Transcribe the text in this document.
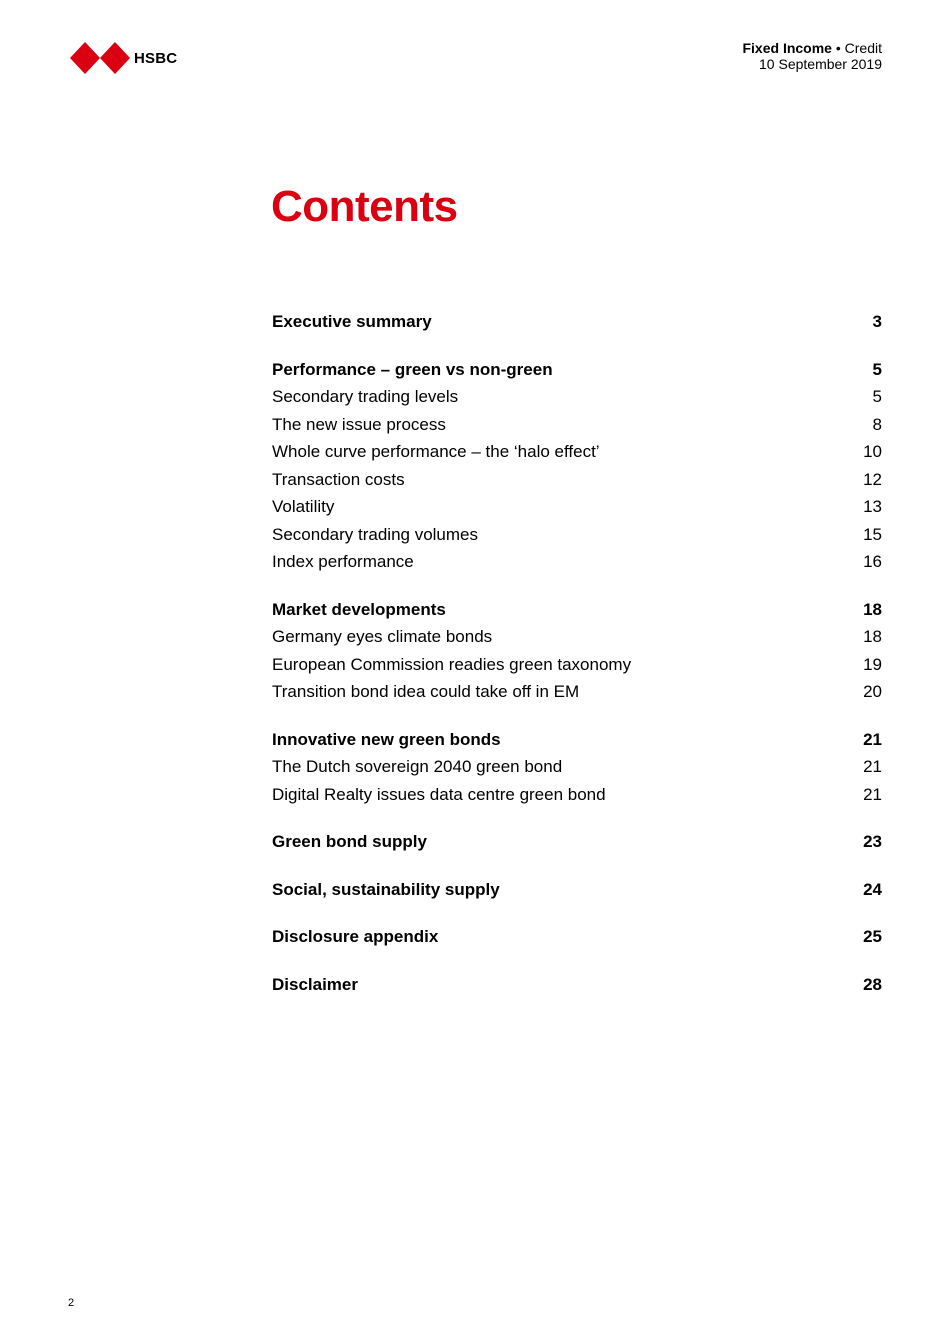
HSBC
Fixed Income • Credit
10 September 2019
Contents
Executive summary	3
Performance – green vs non-green	5
Secondary trading levels	5
The new issue process	8
Whole curve performance – the ‘halo effect’	10
Transaction costs	12
Volatility	13
Secondary trading volumes	15
Index performance	16
Market developments	18
Germany eyes climate bonds	18
European Commission readies green taxonomy	19
Transition bond idea could take off in EM	20
Innovative new green bonds	21
The Dutch sovereign 2040 green bond	21
Digital Realty issues data centre green bond	21
Green bond supply	23
Social, sustainability supply	24
Disclosure appendix	25
Disclaimer	28
2
